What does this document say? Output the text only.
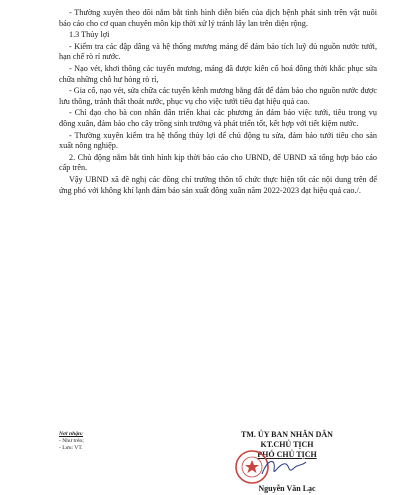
- Thường xuyên theo dõi nắm bắt tình hình diễn biến của dịch bệnh phát sinh trên vật nuôi báo cáo cho cơ quan chuyên môn kịp thời xử lý tránh lây lan trên diện rộng.

1.3 Thủy lợi

- Kiểm tra các đập dâng và hệ thống mương máng để đảm bảo tích luỹ đủ nguồn nước tưới, hạn chế rò rỉ nước.

- Nạo vét, khơi thông các tuyến mương, máng đã được kiên cố hoá đồng thời khắc phục sửa chữa những chỗ hư hỏng rò rỉ,

- Gia cố, nạo vét, sửa chữa các tuyến kênh mương bằng đất để đảm bảo cho nguồn nước được lưu thông, tránh thất thoát nước, phục vụ cho việc tưới tiêu đạt hiệu quả cao.

- Chỉ đạo cho bà con nhân dân triển khai các phương án đảm bảo việc tưới, tiêu trong vụ đông xuân, đảm bảo cho cây trồng sinh trưởng và phát triển tốt, kết hợp với tiết kiệm nước.

- Thường xuyên kiểm tra hệ thống thủy lợi để chủ động tu sửa, đảm bảo tưới tiêu cho sản xuất nông nghiệp.

2. Chủ động nắm bắt tình hình kịp thời báo cáo cho UBND, để UBND xã tổng hợp báo cáo cấp trên.

Vậy UBND xã đề nghị các đồng chí trưởng thôn tổ chức thực hiện tốt các nội dung trên để ứng phó với không khí lạnh đảm bảo sản xuất đông xuân năm 2022-2023 đạt hiệu quả cao./.

Nơi nhận:
- Như trên;
- Lưu: VT.
TM. ỦY BAN NHÂN DÂN
KT.CHỦ TỊCH
PHÓ CHỦ TỊCH
Nguyễn Văn Lạc
